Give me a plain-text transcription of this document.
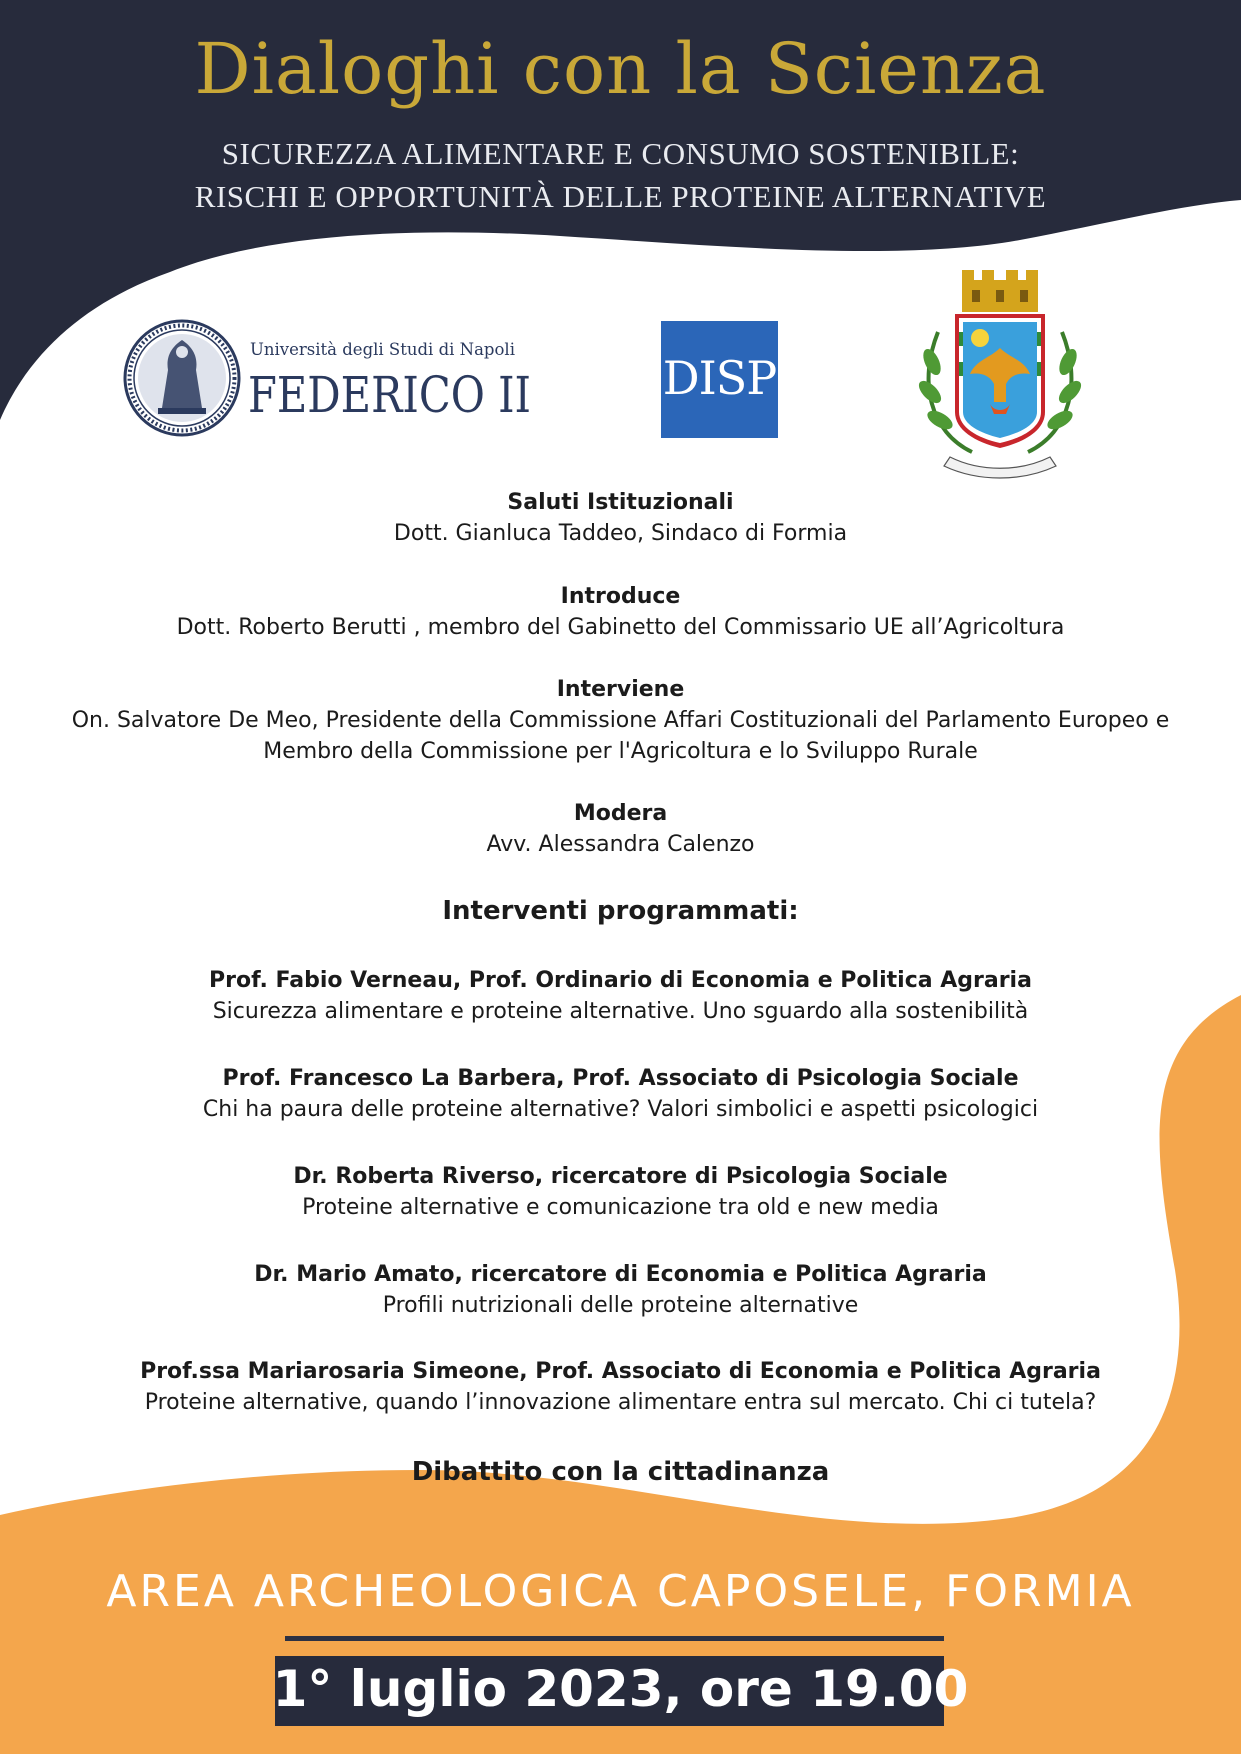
Dialoghi con la Scienza
SICUREZZA ALIMENTARE E CONSUMO SOSTENIBILE:
RISCHI E OPPORTUNITÀ DELLE PROTEINE ALTERNATIVE
Università degli Studi di Napoli
FEDERICO II	DISP
Saluti Istituzionali
Dott. Gianluca Taddeo, Sindaco di Formia
Introduce
Dott. Roberto Berutti , membro del Gabinetto del Commissario UE all’Agricoltura
Interviene
On. Salvatore De Meo, Presidente della Commissione Affari Costituzionali del Parlamento Europeo e
Membro della Commissione per l'Agricoltura e lo Sviluppo Rurale
Modera
Avv. Alessandra Calenzo
Interventi programmati:
Prof. Fabio Verneau, Prof. Ordinario di Economia e Politica Agraria
Sicurezza alimentare e proteine alternative. Uno sguardo alla sostenibilità
Prof. Francesco La Barbera, Prof. Associato di Psicologia Sociale
Chi ha paura delle proteine alternative? Valori simbolici e aspetti psicologici
Dr. Roberta Riverso, ricercatore di Psicologia Sociale
Proteine alternative e comunicazione tra old e new media
Dr. Mario Amato, ricercatore di Economia e Politica Agraria
Profili nutrizionali delle proteine alternative
Prof.ssa Mariarosaria Simeone, Prof. Associato di Economia e Politica Agraria
Proteine alternative, quando l’innovazione alimentare entra sul mercato. Chi ci tutela?
Dibattito con la cittadinanza
AREA ARCHEOLOGICA CAPOSELE, FORMIA
1° luglio 2023, ore 19.00
